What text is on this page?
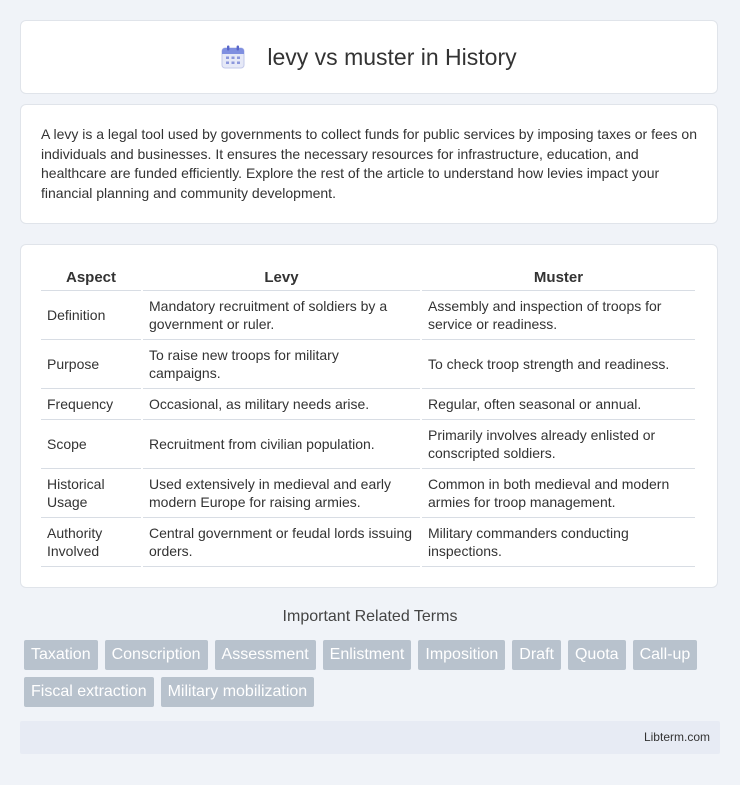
levy vs muster in History

A levy is a legal tool used by governments to collect funds for public services by imposing taxes or fees on individuals and businesses. It ensures the necessary resources for infrastructure, education, and healthcare are funded efficiently. Explore the rest of the article to understand how levies impact your financial planning and community development.

Aspect	Levy	Muster
Definition	Mandatory recruitment of soldiers by a government or ruler.	Assembly and inspection of troops for service or readiness.
Purpose	To raise new troops for military campaigns.	To check troop strength and readiness.
Frequency	Occasional, as military needs arise.	Regular, often seasonal or annual.
Scope	Recruitment from civilian population.	Primarily involves already enlisted or conscripted soldiers.
Historical Usage	Used extensively in medieval and early modern Europe for raising armies.	Common in both medieval and modern armies for troop management.
Authority Involved	Central government or feudal lords issuing orders.	Military commanders conducting inspections.
Important Related Terms
Taxation	Conscription	Assessment	Enlistment	Imposition	Draft	Quota	Call-up
Fiscal extraction	Military mobilization
Libterm.com
